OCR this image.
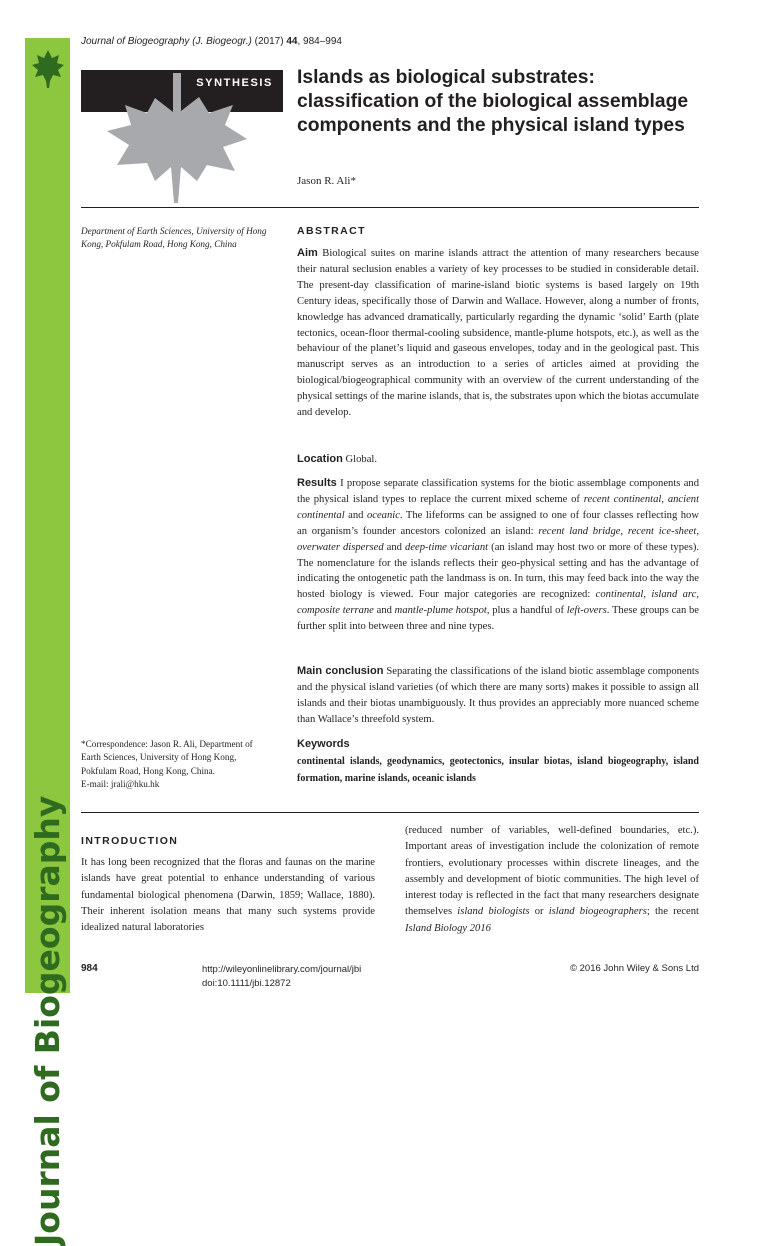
Journal of Biogeography
Journal of Biogeography (J. Biogeogr.) (2017) 44, 984–994
SYNTHESIS Islands as biological substrates: classification of the biological assemblage components and the physical island types
Jason R. Ali*
Department of Earth Sciences, University of Hong Kong, Pokfulam Road, Hong Kong, China
*Correspondence: Jason R. Ali, Department of
Earth Sciences, University of Hong Kong,
Pokfulam Road, Hong Kong, China.
E-mail: jrali@hku.hk
ABSTRACT
Aim Biological suites on marine islands attract the attention of many researchers because their natural seclusion enables a variety of key processes to be studied in considerable detail. The present-day classification of marine-island biotic systems is based largely on 19th Century ideas, specifically those of Darwin and Wallace. However, along a number of fronts, knowledge has advanced dramatically, particularly regarding the dynamic ‘solid’ Earth (plate tectonics, ocean-floor thermal-cooling subsidence, mantle-plume hotspots, etc.), as well as the behaviour of the planet’s liquid and gaseous envelopes, today and in the geological past. This manuscript serves as an introduction to a series of articles aimed at providing the biological/biogeographical community with an overview of the current understanding of the physical settings of the marine islands, that is, the substrates upon which the biotas accumulate and develop.
Location Global.
Results I propose separate classification systems for the biotic assemblage components and the physical island types to replace the current mixed scheme of recent continental, ancient continental and oceanic. The lifeforms can be assigned to one of four classes reflecting how an organism’s founder ancestors colonized an island: recent land bridge, recent ice-sheet, overwater dispersed and deep-time vicariant (an island may host two or more of these types). The nomenclature for the islands reflects their geo-physical setting and has the advantage of indicating the ontogenetic path the landmass is on. In turn, this may feed back into the way the hosted biology is viewed. Four major categories are recognized: continental, island arc, composite terrane and mantle-plume hotspot, plus a handful of left-overs. These groups can be further split into between three and nine types.
Main conclusion Separating the classifications of the island biotic assemblage components and the physical island varieties (of which there are many sorts) makes it possible to assign all islands and their biotas unambiguously. It thus provides an appreciably more nuanced scheme than Wallace’s threefold system.
Keywords
continental islands, geodynamics, geotectonics, insular biotas, island biogeography, island formation, marine islands, oceanic islands
INTRODUCTION
It has long been recognized that the floras and faunas on the marine islands have great potential to enhance understanding of various fundamental biological phenomena (Darwin, 1859; Wallace, 1880). Their inherent isolation means that many such systems provide idealized natural laboratories
(reduced number of variables, well-defined boundaries, etc.). Important areas of investigation include the colonization of remote frontiers, evolutionary processes within discrete lineages, and the assembly and development of biotic communities. The high level of interest today is reflected in the fact that many researchers designate themselves island biologists or island biogeographers; the recent Island Biology 2016
984	http://wileyonlinelibrary.com/journal/jbi
doi:10.1111/jbi.12872
© 2016 John Wiley & Sons Ltd
